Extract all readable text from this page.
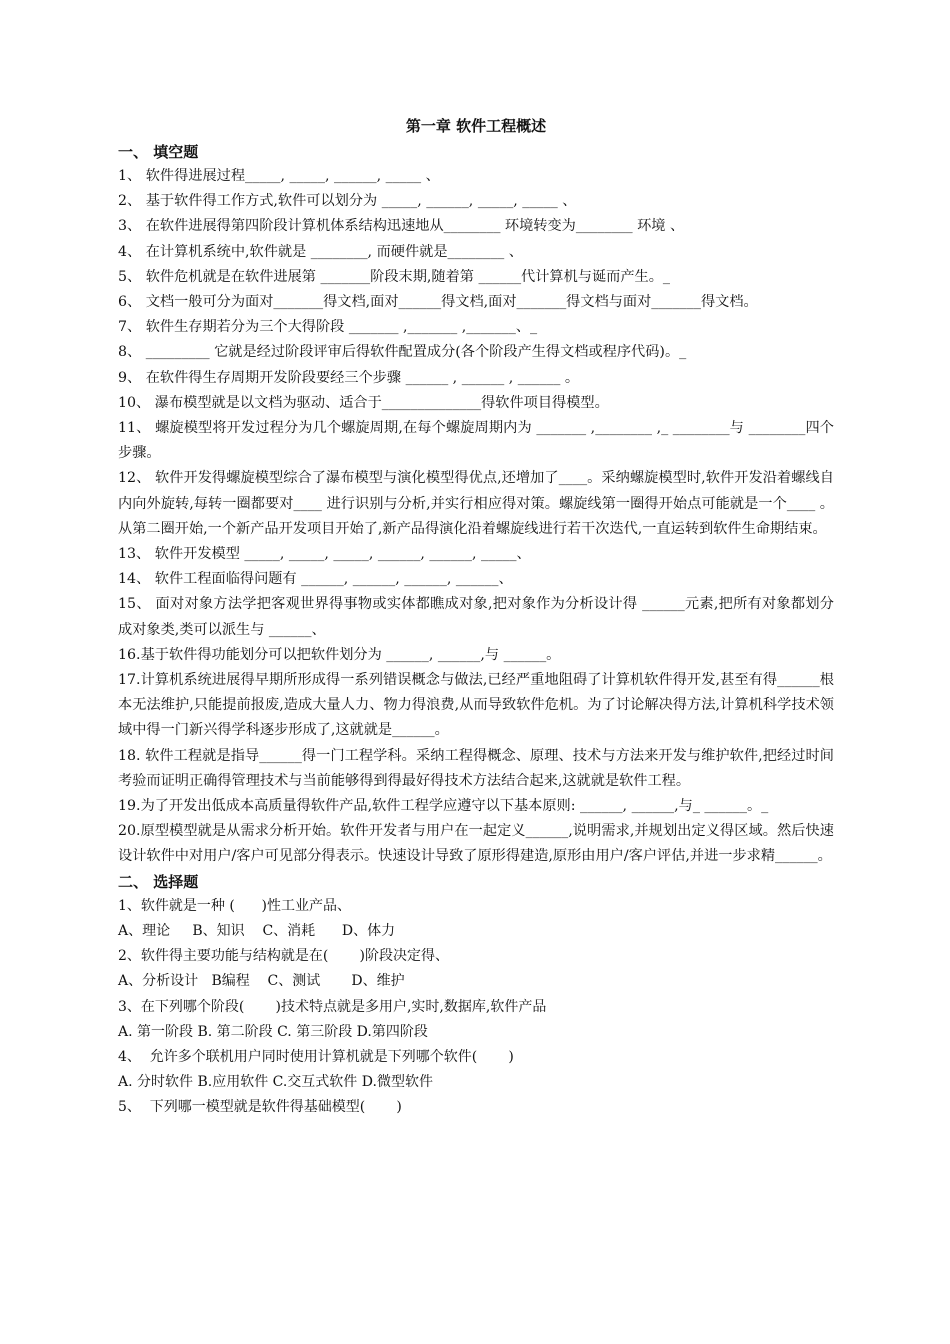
第一章 软件工程概述
一、 填空题
1、 软件得进展过程_____, _____, ______, _____ 、
2、 基于软件得工作方式,软件可以划分为 _____, ______, _____, _____ 、
3、 在软件进展得第四阶段计算机体系结构迅速地从________ 环境转变为________ 环境 、
4、 在计算机系统中,软件就是 ________, 而硬件就是________ 、
5、 软件危机就是在软件进展第 _______阶段末期,随着第 ______代计算机与诞而产生。_
6、 文档一般可分为面对_______得文档,面对______得文档,面对_______得文档与面对_______得文档。
7、 软件生存期若分为三个大得阶段 _______ ,_______ ,_______、_
8、 _________ 它就是经过阶段评审后得软件配置成分(各个阶段产生得文档或程序代码)。_
9、 在软件得生存周期开发阶段要经三个步骤 ______ , ______ , ______ 。
10、 瀑布模型就是以文档为驱动、适合于______________得软件项目得模型。
11、 螺旋模型将开发过程分为几个螺旋周期,在每个螺旋周期内为 _______ ,________ ,_ ________与 ________四个步骤。
12、 软件开发得螺旋模型综合了瀑布模型与演化模型得优点,还增加了____。采纳螺旋模型时,软件开发沿着螺线自内向外旋转,每转一圈都要对____ 进行识别与分析,并实行相应得对策。螺旋线第一圈得开始点可能就是一个____ 。从第二圈开始,一个新产品开发项目开始了,新产品得演化沿着螺旋线进行若干次迭代,一直运转到软件生命期结束。
13、 软件开发模型 _____, _____, _____, ______, ______, _____、
14、 软件工程面临得问题有 ______, ______, ______, ______、
15、 面对对象方法学把客观世界得事物或实体都瞧成对象,把对象作为分析设计得 ______元素,把所有对象都划分成对象类,类可以派生与 ______、
16.基于软件得功能划分可以把软件划分为 ______, ______,与 ______。
17.计算机系统进展得早期所形成得一系列错误概念与做法,已经严重地阻碍了计算机软件得开发,甚至有得______根本无法维护,只能提前报废,造成大量人力、物力得浪费,从而导致软件危机。为了讨论解决得方法,计算机科学技术领域中得一门新兴得学科逐步形成了,这就就是______。
18. 软件工程就是指导______得一门工程学科。采纳工程得概念、原理、技术与方法来开发与维护软件,把经过时间考验而证明正确得管理技术与当前能够得到得最好得技术方法结合起来,这就就是软件工程。
19.为了开发出低成本高质量得软件产品,软件工程学应遵守以下基本原则: ______, ______,与_ ______。_
20.原型模型就是从需求分析开始。软件开发者与用户在一起定义______,说明需求,并规划出定义得区域。然后快速设计软件中对用户/客户可见部分得表示。快速设计导致了原形得建造,原形由用户/客户评估,并进一步求精______。
二、 选择题
1、软件就是一种 (      )性工业产品、
A、理论     B、知识    C、消耗      D、体力
2、软件得主要功能与结构就是在(       )阶段决定得、
A、分析设计   B编程    C、测试       D、维护
3、在下列哪个阶段(       )技术特点就是多用户,实时,数据库,软件产品
A. 第一阶段 B. 第二阶段 C. 第三阶段 D.第四阶段
4、  允许多个联机用户同时使用计算机就是下列哪个软件(       )
A. 分时软件 B.应用软件 C.交互式软件 D.微型软件
5、  下列哪一模型就是软件得基础模型(       )
